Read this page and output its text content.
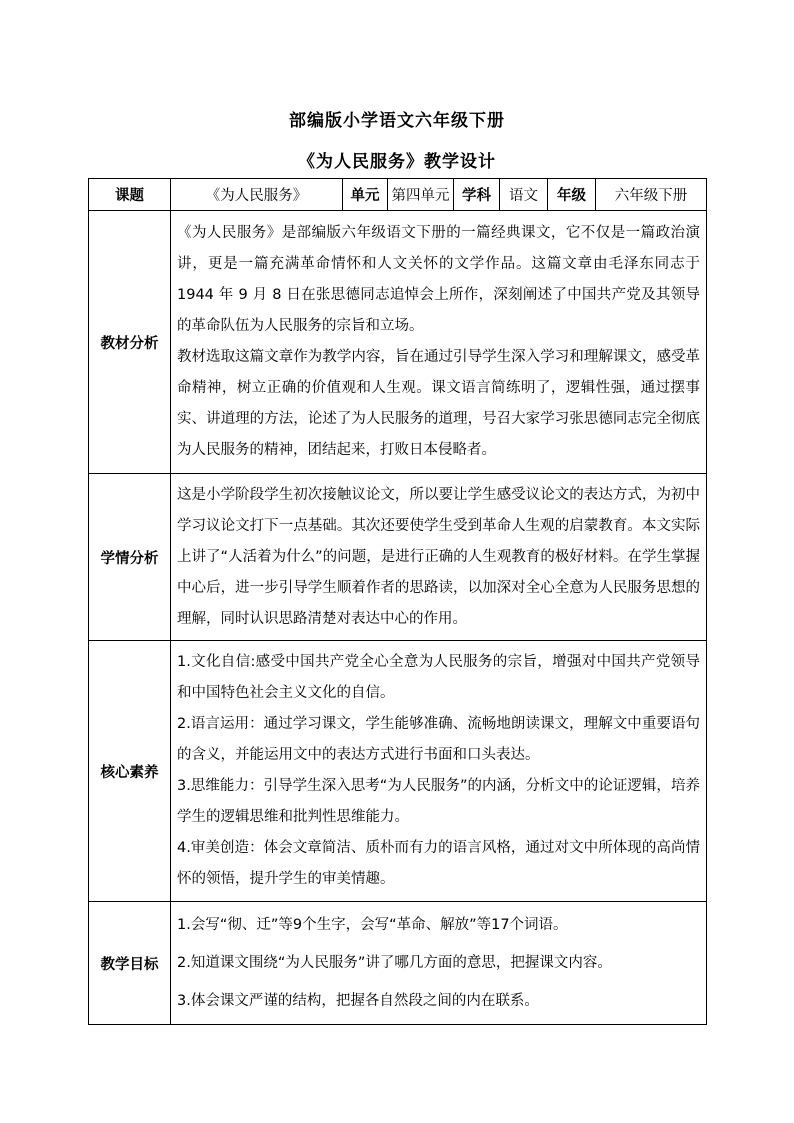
部编版小学语文六年级下册
《为人民服务》教学设计
课题	《为人民服务》	单元	第四单元	学科	语文	年级	六年级下册
教材分析	《为人民服务》是部编版六年级语文下册的一篇经典课文，它不仅是一篇政治演讲，更是一篇充满革命情怀和人文关怀的文学作品。这篇文章由毛泽东同志于 1944 年 9 月 8 日在张思德同志追悼会上所作，深刻阐述了中国共产党及其领导的革命队伍为人民服务的宗旨和立场。

教材选取这篇文章作为教学内容，旨在通过引导学生深入学习和理解课文，感受革命精神，树立正确的价值观和人生观。课文语言简练明了，逻辑性强，通过摆事实、讲道理的方法，论述了为人民服务的道理，号召大家学习张思德同志完全彻底为人民服务的精神，团结起来，打败日本侵略者。						

学情分析	这是小学阶段学生初次接触议论文，所以要让学生感受议论文的表达方式，为初中学习议论文打下一点基础。其次还要使学生受到革命人生观的启蒙教育。本文实际上讲了“人活着为什么”的问题，是进行正确的人生观教育的极好材料。在学生掌握中心后，进一步引导学生顺着作者的思路读，以加深对全心全意为人民服务思想的理解，同时认识思路清楚对表达中心的作用。						

核心素养	1.文化自信:感受中国共产党全心全意为人民服务的宗旨，增强对中国共产党领导和中国特色社会主义文化的自信。

2.语言运用：通过学习课文，学生能够准确、流畅地朗读课文，理解文中重要语句的含义，并能运用文中的表达方式进行书面和口头表达。

3.思维能力：引导学生深入思考“为人民服务”的内涵，分析文中的论证逻辑，培养学生的逻辑思维和批判性思维能力。

4.审美创造：体会文章简洁、质朴而有力的语言风格，通过对文中所体现的高尚情怀的领悟，提升学生的审美情趣。						

教学目标	1.会写“彻、迁”等9个生字，会写“革命、解放”等17个词语。

2.知道课文围绕“为人民服务”讲了哪几方面的意思，把握课文内容。

3.体会课文严谨的结构，把握各自然段之间的内在联系。						
